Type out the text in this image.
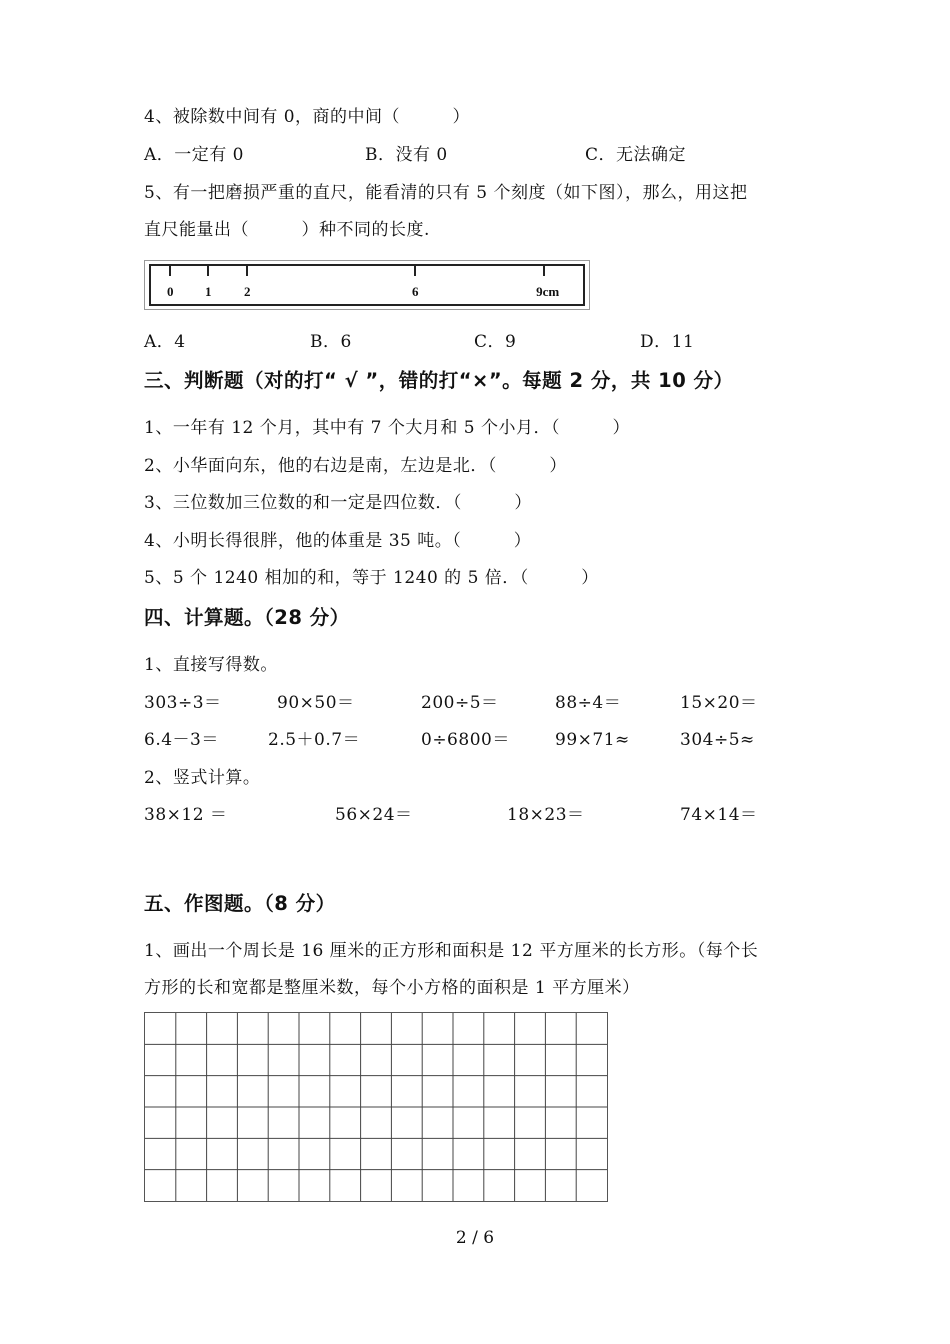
4、被除数中间有 0，商的中间（　　　）
A．一定有 0	B．没有 0	C．无法确定
5、有一把磨损严重的直尺，能看清的只有 5 个刻度（如下图），那么，用这把
直尺能量出（　　　）种不同的长度.
0 1	2	6	9cm
A．4	B．6	C．9	D．11
三、判断题（对的打“ √ ”，错的打“×”。每题 2 分，共 10 分）
1、一年有 12 个月，其中有 7 个大月和 5 个小月．（　　　）
2、小华面向东，他的右边是南，左边是北．（　　　）
3、三位数加三位数的和一定是四位数．（　　　）
4、小明长得很胖，他的体重是 35 吨。（　　　）
5、5 个 1240 相加的和，等于 1240 的 5 倍．（　　　）
四、计算题。（28 分）
1、直接写得数。
303÷3＝	90×50＝	200÷5＝	88÷4＝	15×20＝
6.4－3＝	2.5＋0.7＝	0÷6800＝	99×71≈	304÷5≈
2、竖式计算。
38×12 ＝	56×24＝	18×23＝	74×14＝
五、作图题。（8 分）
1、画出一个周长是 16 厘米的正方形和面积是 12 平方厘米的长方形。（每个长
方形的长和宽都是整厘米数，每个小方格的面积是 1 平方厘米）
2 / 6
